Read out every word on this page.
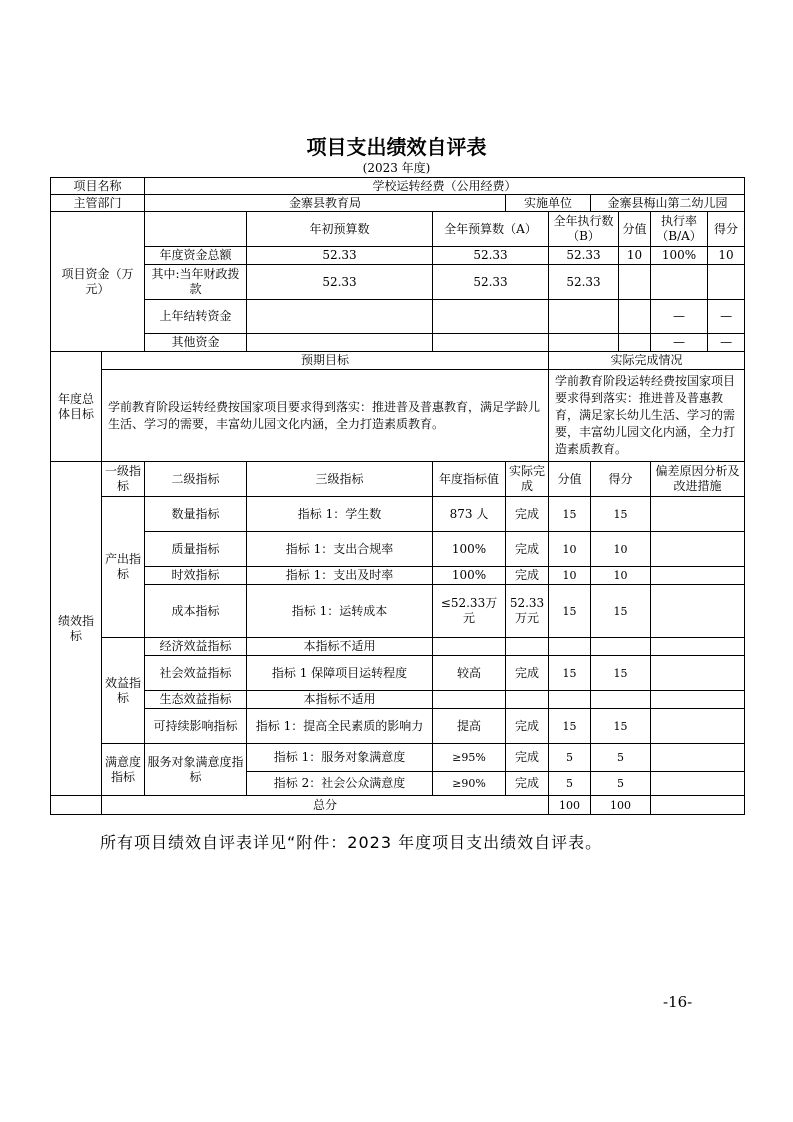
项目支出绩效自评表
(2023 年度)
项目名称		学校运转经费（公用经费）								
主管部门		金寨县教育局			实施单位		金寨县梅山第二幼儿园			
项目资金（万元）			年初预算数	全年预算数（A）		全年执行数（B）		分值	执行率（B/A）	得分
		年度资金总额	52.33	52.33		52.33		10	100%	10
		其中:当年财政拨款	52.33	52.33		52.33				
		上年结转资金							—	—
		其他资金							—	—
年度总体目标	预期目标					实际完成情况				
	学前教育阶段运转经费按国家项目要求得到落实：推进普及普惠教育，满足学龄儿生活、学习的需要，丰富幼儿园文化内涵，全力打造素质教育。					学前教育阶段运转经费按国家项目要求得到落实：推进普及普惠教育，满足家长幼儿生活、学习的需要，丰富幼儿园文化内涵，全力打造素质教育。				
绩效指标	一级指标	二级指标	三级指标	年度指标值	实际完成	分值	得分		偏差原因分析及改进措施	
	产出指标	数量指标	指标 1：学生数	873 人	完成	15	15			
		质量指标	指标 1：支出合规率	100%	完成	10	10			
		时效指标	指标 1：支出及时率	100%	完成	10	10			
		成本指标	指标 1：运转成本	≤52.33万元	52.33万元	15	15			
	效益指标	经济效益指标	本指标不适用							
		社会效益指标	指标 1 保障项目运转程度	较高	完成	15	15			
		生态效益指标	本指标不适用							
		可持续影响指标	指标 1：提高全民素质的影响力	提高	完成	15	15			
	满意度指标	服务对象满意度指标	指标 1：服务对象满意度	≥95%	完成	5	5			
			指标 2：社会公众满意度	≥90%	完成	5	5			
	总分					100	100			
所有项目绩效自评表详见“附件：2023 年度项目支出绩效自评表。
-16-
